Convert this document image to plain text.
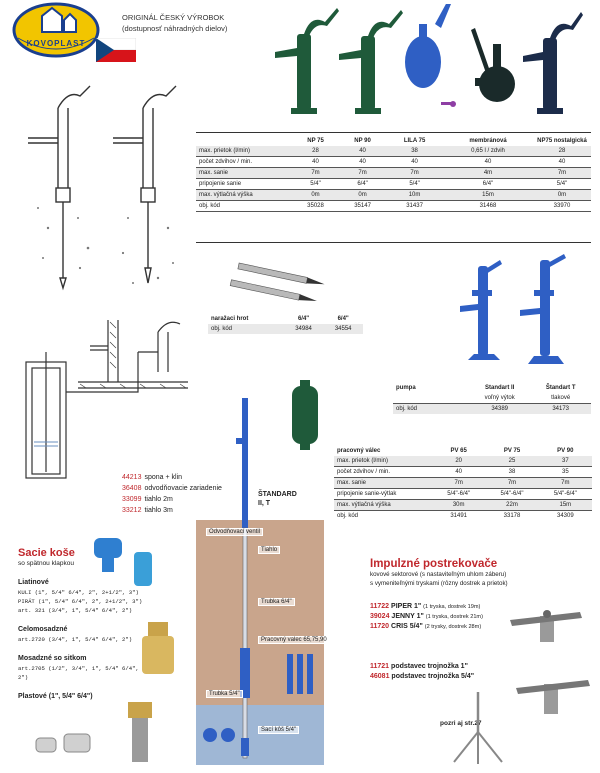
KOVOPLAST
ORIGINÁL ČESKÝ VÝROBOK
(dostupnosť náhradných dielov)
	NP 75	NP 90	LILA 75	membránová	NP75 nostalgická
max. prietok (l/min)	28	40	38	0,65 l / zdvih	28
počet zdvihov / min.	40	40	40	40	40
max. sanie	7m	7m	7m	4m	7m
pripojenie sanie	5/4"	6/4"	5/4"	6/4"	5/4"
max. výtlačná výška	0m	0m	10m	15m	0m
obj. kód	35028	35147	31437	31468	33970
naražaci hrot	6/4"	6/4"
obj. kód	34984	34554
pumpa	Standart II	Štandart T
	voľný výtok	tlakové
obj. kód	34389	34173
pracovný válec	PV 65	PV 75	PV 90
max. prietok (l/min)	20	25	37
počet zdvihov / min.	40	38	35
max. sanie	7m	7m	7m
pripojenie sanie-výtlak	5/4"-6/4"	5/4"-6/4"	5/4"-6/4"
max. výtlačná výška	30m	22m	15m
obj. kód	31491	33178	34309
ŠTANDARD II, T
Odvodňovací ventil
Tiahlo
Trubka 6/4"
Pracovný valec 65,75,90
Trubka 5/4"
Sací kôš 5/4"
44213 spona + klin
36408 odvodňovacie zariadenie
33099 tiahlo 2m
33212 tiahlo 3m
Sacie koše
so spätnou klapkou
Liatinové
KULI (1", 5/4" 6/4", 2", 2+1/2", 3")
PIRÁT (1", 5/4" 6/4", 2", 2+1/2", 3")
art. 321 (3/4", 1", 5/4" 6/4", 2")
Celomosadzné
art.2720 (3/4", 1", 5/4" 6/4", 2")
Mosadzné so sitkom
art.2705 (1/2", 3/4", 1", 5/4" 6/4", 2")
Plastové (1", 5/4" 6/4")
Impulzné postrekovače
kovové sektorové (s nastaviteľným uhlom záberu)
s vymeniteľnými tryskami (rôzny dostrek a prietok)
11722 PIPER 1" (1 tryska, dostrek 19m)
39024 JENNY 1" (1 tryska, dostrek 21m)
11720 CRIS 5/4" (2 trysky, dostrek 28m)
11721 podstavec trojnožka 1"
46081 podstavec trojnožka 5/4"
pozri aj str.27
